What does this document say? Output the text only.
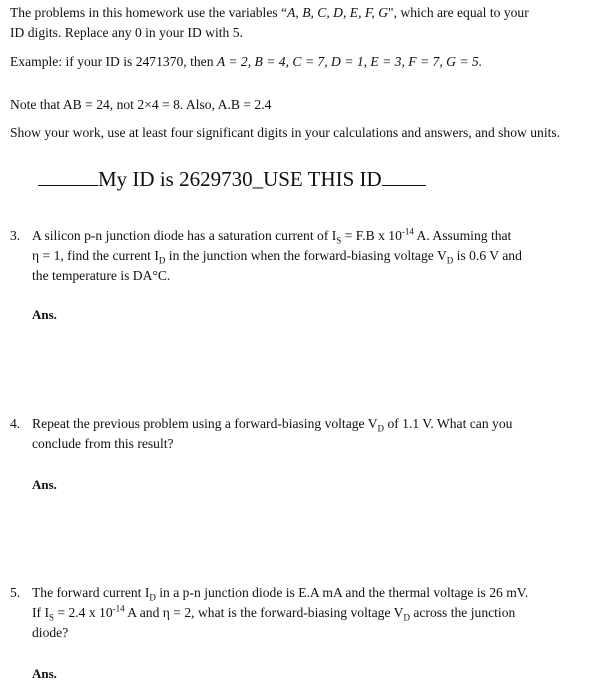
The problems in this homework use the variables “A, B, C, D, E, F, G", which are equal to your
ID digits. Replace any 0 in your ID with 5.
Example: if your ID is 2471370, then A = 2, B = 4, C = 7, D = 1, E = 3, F = 7, G = 5.
Note that AB = 24, not 2×4 = 8. Also, A.B = 2.4
Show your work, use at least four significant digits in your calculations and answers, and show units.
My ID is 2629730_USE THIS ID
3. A silicon p-n junction diode has a saturation current of $I_S = F.B$ x $10^{-14}$ A. Assuming that
η = 1, find the current $I_D$ in the junction when the forward-biasing voltage $V_D$ is 0.6 V and
the temperature is DA°C.
Ans.
4. Repeat the previous problem using a forward-biasing voltage $V_D$ of 1.1 V. What can you
conclude from this result?
Ans.
5. The forward current $I_D$ in a p-n junction diode is E.A mA and the thermal voltage is 26 mV.
If $I_S = 2.4$ x $10^{-14}$ A and η = 2, what is the forward-biasing voltage $V_D$ across the junction
diode?
Ans.
